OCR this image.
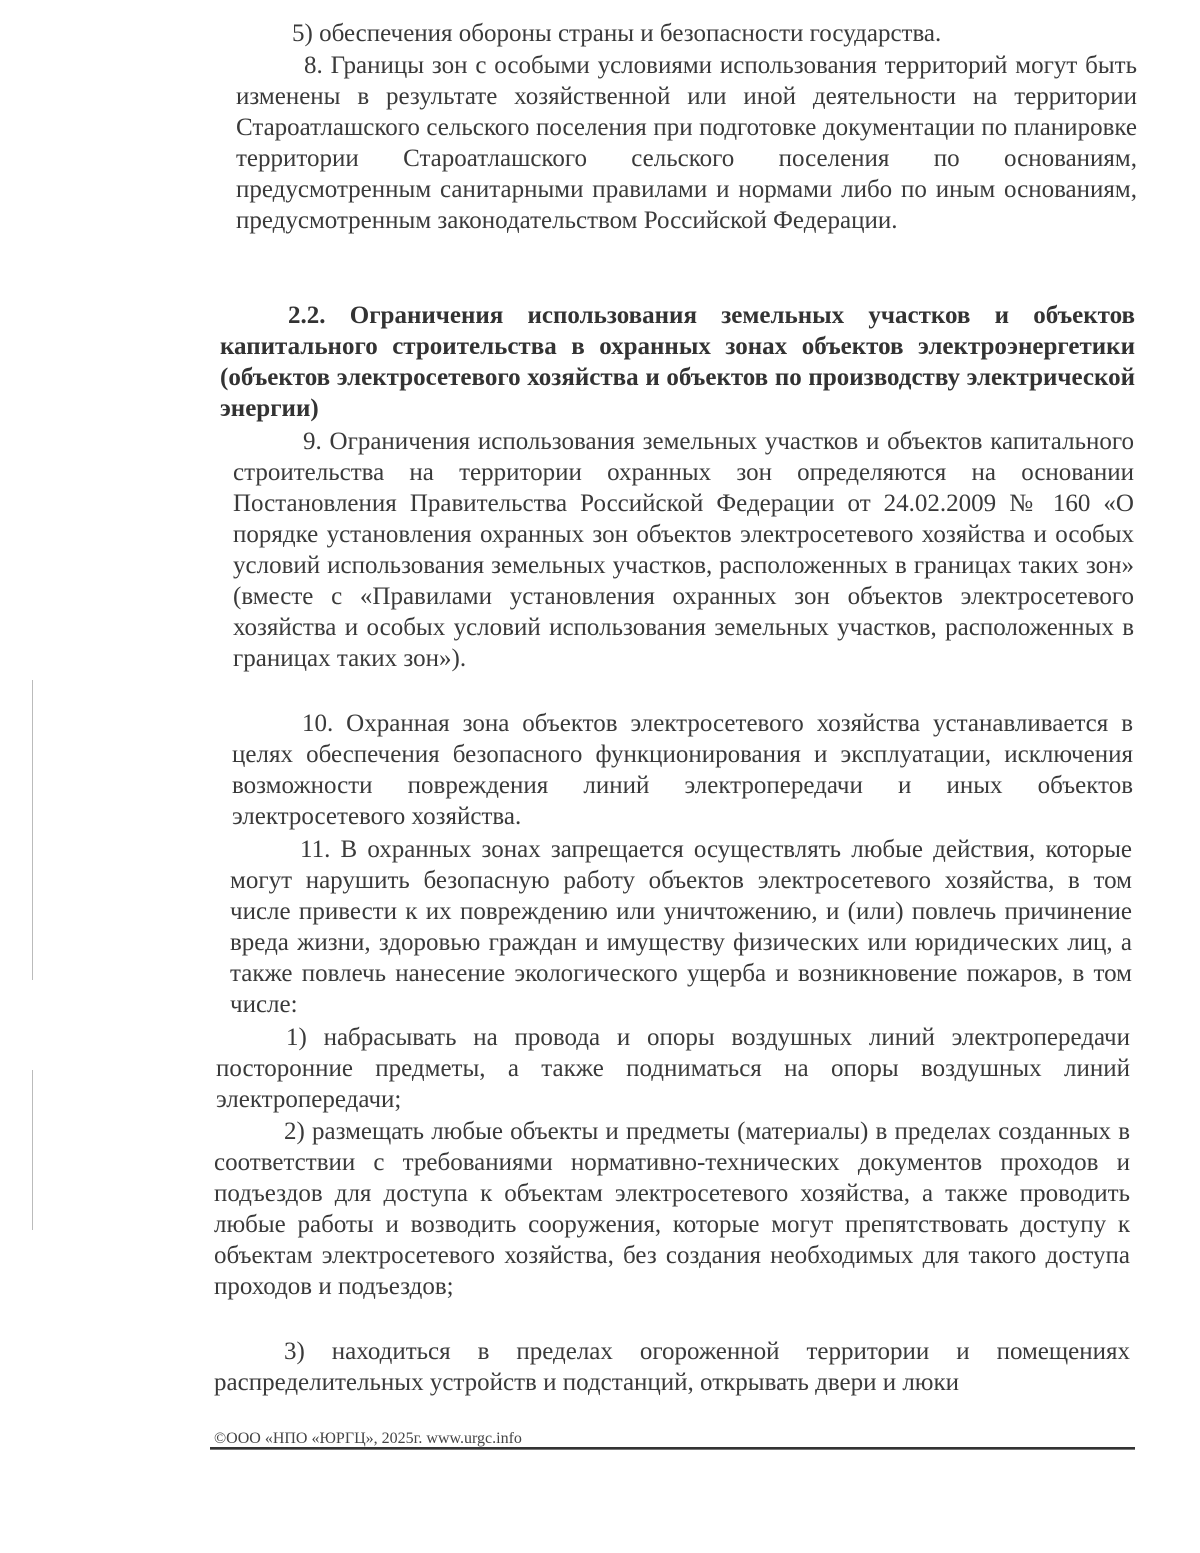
5) обеспечения обороны страны и безопасности государства.

8. Границы зон с особыми условиями использования территорий могут быть изменены в результате хозяйственной или иной деятельности на территории Староатлашского сельского поселения при подготовке документации по планировке территории Староатлашского сельского поселения по основаниям, предусмотренным санитарными правилами и нормами либо по иным основаниям, предусмотренным законодательством Российской Федерации.

2.2. Ограничения использования земельных участков и объектов капитального строительства в охранных зонах объектов электроэнергетики (объектов электросетевого хозяйства и объектов по производству электрической энергии)

9. Ограничения использования земельных участков и объектов капитального строительства на территории охранных зон определяются на основании Постановления Правительства Российской Федерации от 24.02.2009 № 160 «О порядке установления охранных зон объектов электросетевого хозяйства и особых условий использования земельных участков, расположенных в границах таких зон» (вместе с «Правилами установления охранных зон объектов электросетевого хозяйства и особых условий использования земельных участков, расположенных в границах таких зон»).

10. Охранная зона объектов электросетевого хозяйства устанавливается в целях обеспечения безопасного функционирования и эксплуатации, исключения возможности повреждения линий электропередачи и иных объектов электросетевого хозяйства.

11. В охранных зонах запрещается осуществлять любые действия, которые могут нарушить безопасную работу объектов электросетевого хозяйства, в том числе привести к их повреждению или уничтожению, и (или) повлечь причинение вреда жизни, здоровью граждан и имуществу физических или юридических лиц, а также повлечь нанесение экологического ущерба и возникновение пожаров, в том числе:

1) набрасывать на провода и опоры воздушных линий электропередачи посторонние предметы, а также подниматься на опоры воздушных линий электропередачи;

2) размещать любые объекты и предметы (материалы) в пределах созданных в соответствии с требованиями нормативно-технических документов проходов и подъездов для доступа к объектам электросетевого хозяйства, а также проводить любые работы и возводить сооружения, которые могут препятствовать доступу к объектам электросетевого хозяйства, без создания необходимых для такого доступа проходов и подъездов;

3) находиться в пределах огороженной территории и помещениях распределительных устройств и подстанций, открывать двери и люки

©ООО «НПО «ЮРГЦ», 2025г. www.urgc.info
